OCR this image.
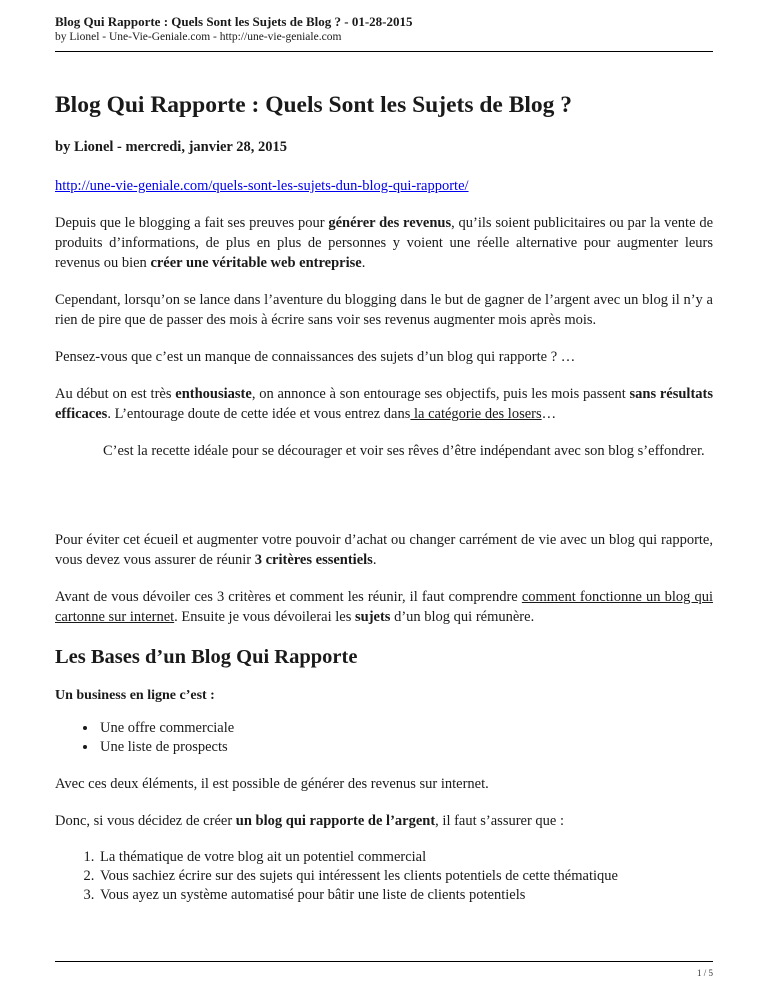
Blog Qui Rapporte : Quels Sont les Sujets de Blog ? - 01-28-2015
by Lionel - Une-Vie-Geniale.com - http://une-vie-geniale.com
Blog Qui Rapporte : Quels Sont les Sujets de Blog ?
by Lionel - mercredi, janvier 28, 2015
http://une-vie-geniale.com/quels-sont-les-sujets-dun-blog-qui-rapporte/

Depuis que le blogging a fait ses preuves pour générer des revenus, qu’ils soient publicitaires ou par la vente de produits d’informations, de plus en plus de personnes y voient une réelle alternative pour augmenter leurs revenus ou bien créer une véritable web entreprise.

Cependant, lorsqu’on se lance dans l’aventure du blogging dans le but de gagner de l’argent avec un blog il n’y a rien de pire que de passer des mois à écrire sans voir ses revenus augmenter mois après mois.

Pensez-vous que c’est un manque de connaissances des sujets d’un blog qui rapporte ? …

Au début on est très enthousiaste, on annonce à son entourage ses objectifs, puis les mois passent sans résultats efficaces. L’entourage doute de cette idée et vous entrez dans la catégorie des losers…

C’est la recette idéale pour se décourager et voir ses rêves d’être indépendant avec son blog s’effondrer.

Pour éviter cet écueil et augmenter votre pouvoir d’achat ou changer carrément de vie avec un blog qui rapporte, vous devez vous assurer de réunir 3 critères essentiels.

Avant de vous dévoiler ces 3 critères et comment les réunir, il faut comprendre comment fonctionne un blog qui cartonne sur internet. Ensuite je vous dévoilerai les sujets d’un blog qui rémunère.

Les Bases d’un Blog Qui Rapporte
Un business en ligne c’est :
• Une offre commerciale
• Une liste de prospects

Avec ces deux éléments, il est possible de générer des revenus sur internet.

Donc, si vous décidez de créer un blog qui rapporte de l’argent, il faut s’assurer que :

1. La thématique de votre blog ait un potentiel commercial
2. Vous sachiez écrire sur des sujets qui intéressent les clients potentiels de cette thématique
3. Vous ayez un système automatisé pour bâtir une liste de clients potentiels
1 / 5
